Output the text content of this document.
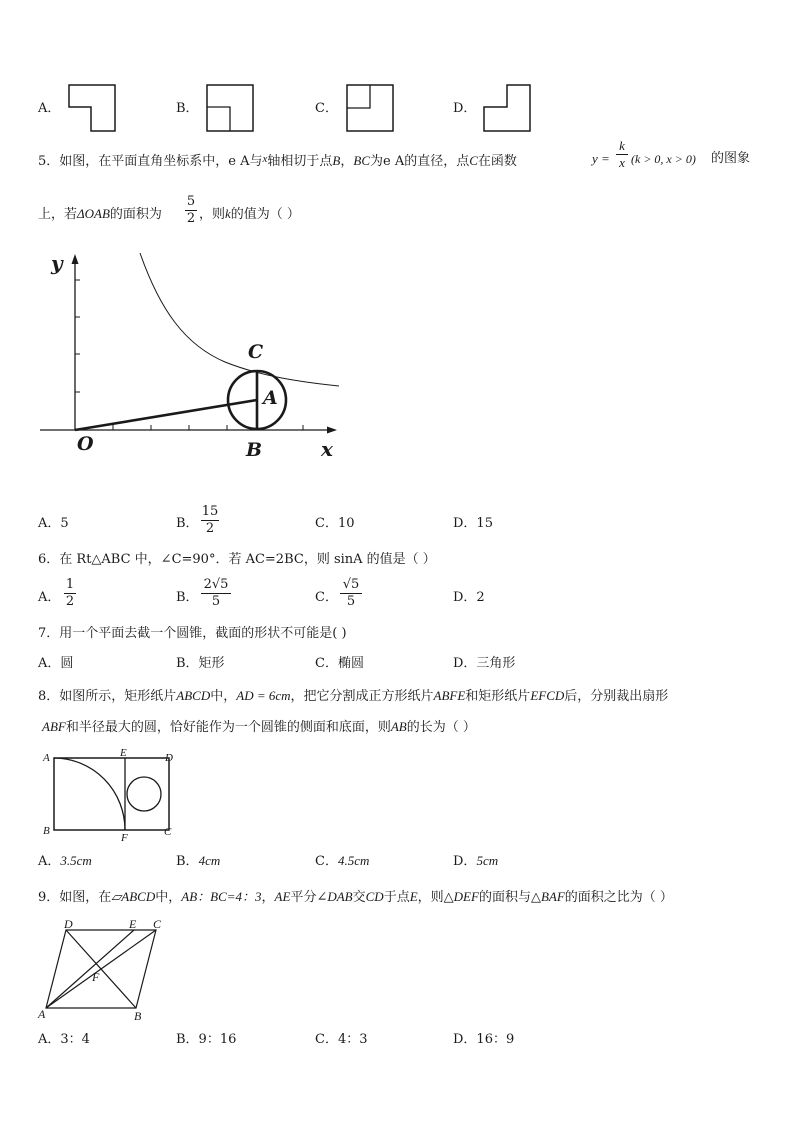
A．	B．	C．	D．
5．如图，在平面直角坐标系中，e A与$^x$轴相切于点B，BC为e A的直径，点C在函数	y =
k
x (k > 0, x > 0) 的图象
上，若ΔOAB的面积为
5
2 ，则k的值为（ ）
y
x
O	B
C
A
A．5	B．
15
2	C．10	D．15
6．在 Rt△ABC 中，∠C=90°．若 AC=2BC，则 sinA 的值是（ ）
A．
1
2	B．
2√5
5	C．
√5
5	D．2
7．用一个平面去截一个圆锥，截面的形状不可能是( )
A．圆	B．矩形	C．椭圆	D．三角形
8．如图所示，矩形纸片ABCD中，AD = 6cm，把它分割成正方形纸片ABFE和矩形纸片EFCD后，分别裁出扇形
ABF和半径最大的圆，恰好能作为一个圆锥的侧面和底面，则AB的长为（ ）
A	E	D
B
F	C
A．3.5cm	B．4cm	C．4.5cm	D．5cm
9．如图，在▱ABCD中，AB：BC=4：3，AE平分∠DAB交CD于点E，则△DEF的面积与△BAF的面积之比为（ ）
D	E C
F
A	B
A．3：4	B．9：16	C．4：3	D．16：9
